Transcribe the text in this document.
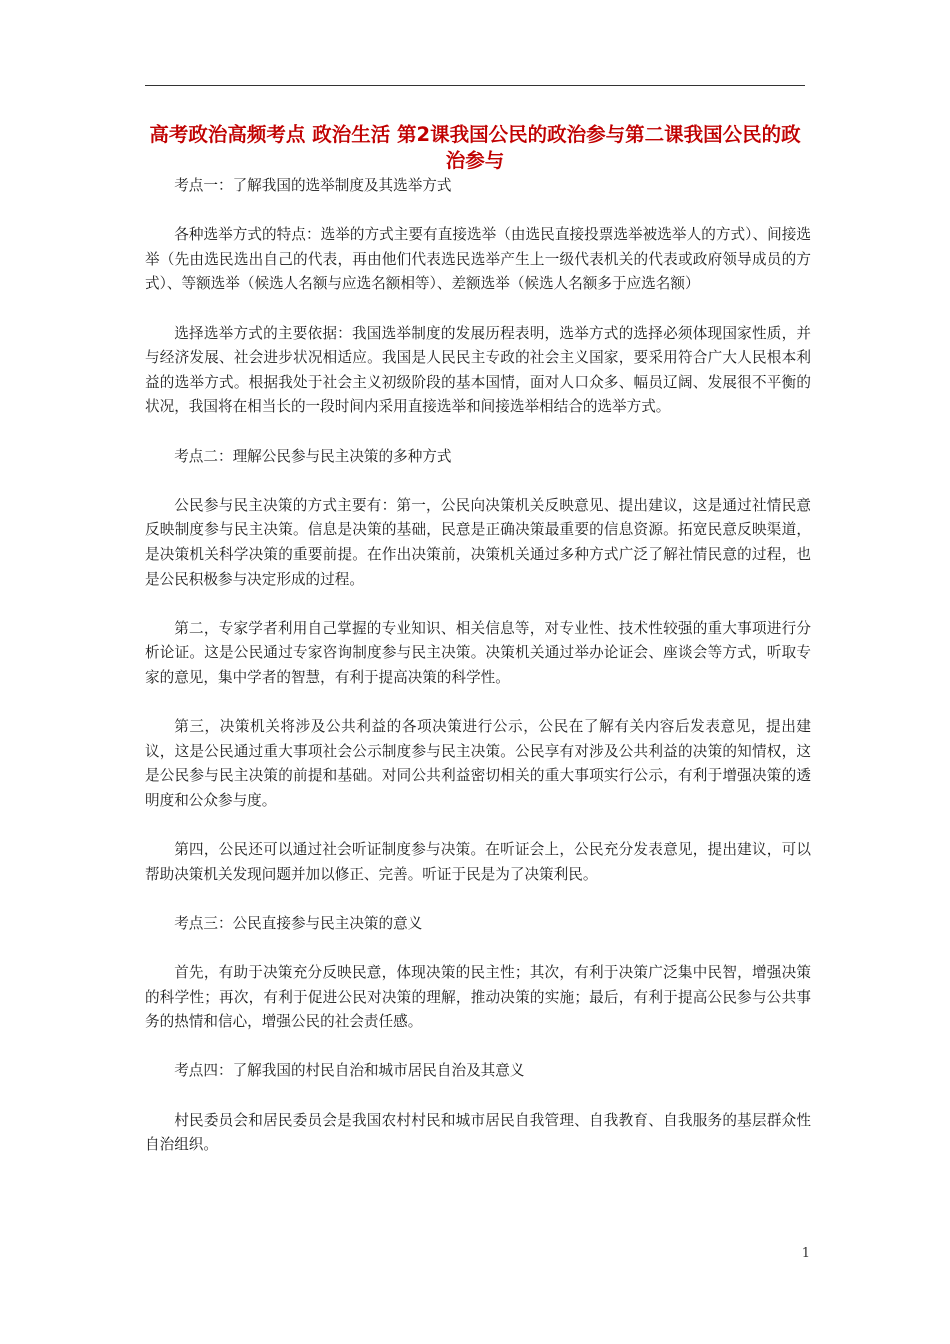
高考政治高频考点 政治生活 第2课我国公民的政治参与第二课我国公民的政治参与

考点一：了解我国的选举制度及其选举方式

各种选举方式的特点：选举的方式主要有直接选举（由选民直接投票选举被选举人的方式）、间接选举（先由选民选出自己的代表，再由他们代表选民选举产生上一级代表机关的代表或政府领导成员的方式）、等额选举（候选人名额与应选名额相等）、差额选举（候选人名额多于应选名额）

选择选举方式的主要依据：我国选举制度的发展历程表明，选举方式的选择必须体现国家性质，并与经济发展、社会进步状况相适应。我国是人民民主专政的社会主义国家，要采用符合广大人民根本利益的选举方式。根据我处于社会主义初级阶段的基本国情，面对人口众多、幅员辽阔、发展很不平衡的状况，我国将在相当长的一段时间内采用直接选举和间接选举相结合的选举方式。

考点二：理解公民参与民主决策的多种方式

公民参与民主决策的方式主要有：第一，公民向决策机关反映意见、提出建议，这是通过社情民意反映制度参与民主决策。信息是决策的基础，民意是正确决策最重要的信息资源。拓宽民意反映渠道，是决策机关科学决策的重要前提。在作出决策前，决策机关通过多种方式广泛了解社情民意的过程，也是公民积极参与决定形成的过程。

第二，专家学者利用自己掌握的专业知识、相关信息等，对专业性、技术性较强的重大事项进行分析论证。这是公民通过专家咨询制度参与民主决策。决策机关通过举办论证会、座谈会等方式，听取专家的意见，集中学者的智慧，有利于提高决策的科学性。

第三，决策机关将涉及公共利益的各项决策进行公示，公民在了解有关内容后发表意见，提出建议，这是公民通过重大事项社会公示制度参与民主决策。公民享有对涉及公共利益的决策的知情权，这是公民参与民主决策的前提和基础。对同公共利益密切相关的重大事项实行公示，有利于增强决策的透明度和公众参与度。

第四，公民还可以通过社会听证制度参与决策。在听证会上，公民充分发表意见，提出建议，可以帮助决策机关发现问题并加以修正、完善。听证于民是为了决策利民。

考点三：公民直接参与民主决策的意义

首先，有助于决策充分反映民意，体现决策的民主性；其次，有利于决策广泛集中民智，增强决策的科学性；再次，有利于促进公民对决策的理解，推动决策的实施；最后，有利于提高公民参与公共事务的热情和信心，增强公民的社会责任感。

考点四：了解我国的村民自治和城市居民自治及其意义

村民委员会和居民委员会是我国农村村民和城市居民自我管理、自我教育、自我服务的基层群众性自治组织。

1
